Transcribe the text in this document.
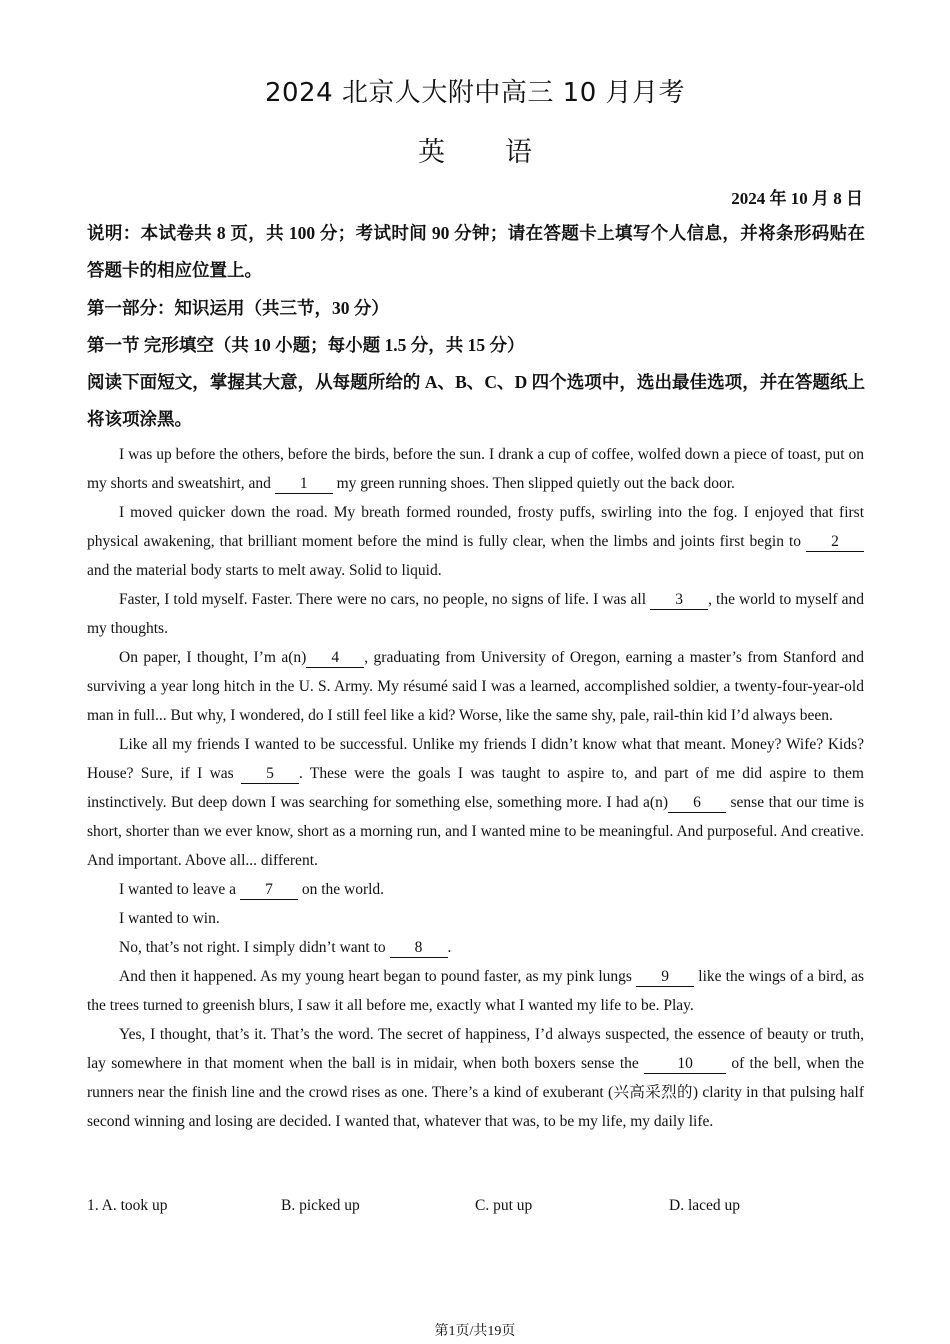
2024 北京人大附中高三 10 月月考
英 语
2024 年 10 月 8 日
说明：本试卷共 8 页，共 100 分；考试时间 90 分钟；请在答题卡上填写个人信息，并将条形码贴在答题卡的相应位置上。
第一部分：知识运用（共三节，30 分）
第一节 完形填空（共 10 小题；每小题 1.5 分，共 15 分）
阅读下面短文，掌握其大意，从每题所给的 A、B、C、D 四个选项中，选出最佳选项，并在答题纸上将该项涂黑。

I was up before the others, before the birds, before the sun. I drank a cup of coffee, wolfed down a piece of toast, put on my shorts and sweatshirt, and 1 my green running shoes. Then slipped quietly out the back door.

I moved quicker down the road. My breath formed rounded, frosty puffs, swirling into the fog. I enjoyed that first physical awakening, that brilliant moment before the mind is fully clear, when the limbs and joints first begin to 2 and the material body starts to melt away. Solid to liquid.

Faster, I told myself. Faster. There were no cars, no people, no signs of life. I was all 3 , the world to myself and my thoughts.

On paper, I thought, I’m a(n) 4 , graduating from University of Oregon, earning a master’s from Stanford and surviving a year long hitch in the U. S. Army. My résumé said I was a learned, accomplished soldier, a twenty-four-year-old man in full... But why, I wondered, do I still feel like a kid? Worse, like the same shy, pale, rail-thin kid I’d always been.

Like all my friends I wanted to be successful. Unlike my friends I didn’t know what that meant. Money? Wife? Kids? House? Sure, if I was 5 . These were the goals I was taught to aspire to, and part of me did aspire to them instinctively. But deep down I was searching for something else, something more. I had a(n) 6 sense that our time is short, shorter than we ever know, short as a morning run, and I wanted mine to be meaningful. And purposeful. And creative. And important. Above all... different.

I wanted to leave a 7 on the world.

I wanted to win.

No, that’s not right. I simply didn’t want to 8 .

And then it happened. As my young heart began to pound faster, as my pink lungs 9 like the wings of a bird, as the trees turned to greenish blurs, I saw it all before me, exactly what I wanted my life to be. Play.

Yes, I thought, that’s it. That’s the word. The secret of happiness, I’d always suspected, the essence of beauty or truth, lay somewhere in that moment when the ball is in midair, when both boxers sense the 10 of the bell, when the runners near the finish line and the crowd rises as one. There’s a kind of exuberant (兴高采烈的) clarity in that pulsing half second winning and losing are decided. I wanted that, whatever that was, to be my life, my daily life.

1. A. took up	B. picked up	C. put up	D. laced up
第1页/共19页
